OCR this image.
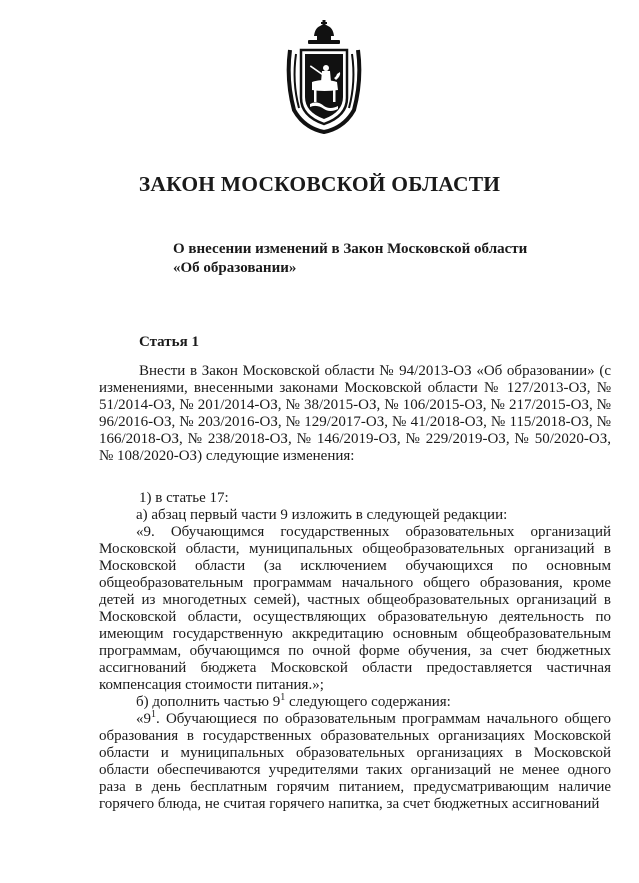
ЗАКОН МОСКОВСКОЙ ОБЛАСТИ
О внесении изменений в Закон Московской области
«Об образовании»
Статья 1

Внести в Закон Московской области № 94/2013-ОЗ «Об образовании» (с изменениями, внесенными законами Московской области № 127/2013-ОЗ, № 51/2014-ОЗ, № 201/2014-ОЗ, № 38/2015-ОЗ, № 106/2015-ОЗ, № 217/2015-ОЗ, № 96/2016-ОЗ, № 203/2016-ОЗ, № 129/2017-ОЗ, № 41/2018-ОЗ, № 115/2018-ОЗ, № 166/2018-ОЗ, № 238/2018-ОЗ, № 146/2019-ОЗ, № 229/2019-ОЗ, № 50/2020-ОЗ, № 108/2020-ОЗ) следующие изменения:

1) в статье 17:

а) абзац первый части 9 изложить в следующей редакции:

«9. Обучающимся государственных образовательных организаций Московской области, муниципальных общеобразовательных организаций в Московской области (за исключением обучающихся по основным общеобразовательным программам начального общего образования, кроме детей из многодетных семей), частных общеобразовательных организаций в Московской области, осуществляющих образовательную деятельность по имеющим государственную аккредитацию основным общеобразовательным программам, обучающимся по очной форме обучения, за счет бюджетных ассигнований бюджета Московской области предоставляется частичная компенсация стоимости питания.»;

б) дополнить частью $9^1$ следующего содержания:

«$9^1$. Обучающиеся по образовательным программам начального общего образования в государственных образовательных организациях Московской области и муниципальных образовательных организациях в Московской области обеспечиваются учредителями таких организаций не менее одного раза в день бесплатным горячим питанием, предусматривающим наличие горячего блюда, не считая горячего напитка, за счет бюджетных ассигнований
